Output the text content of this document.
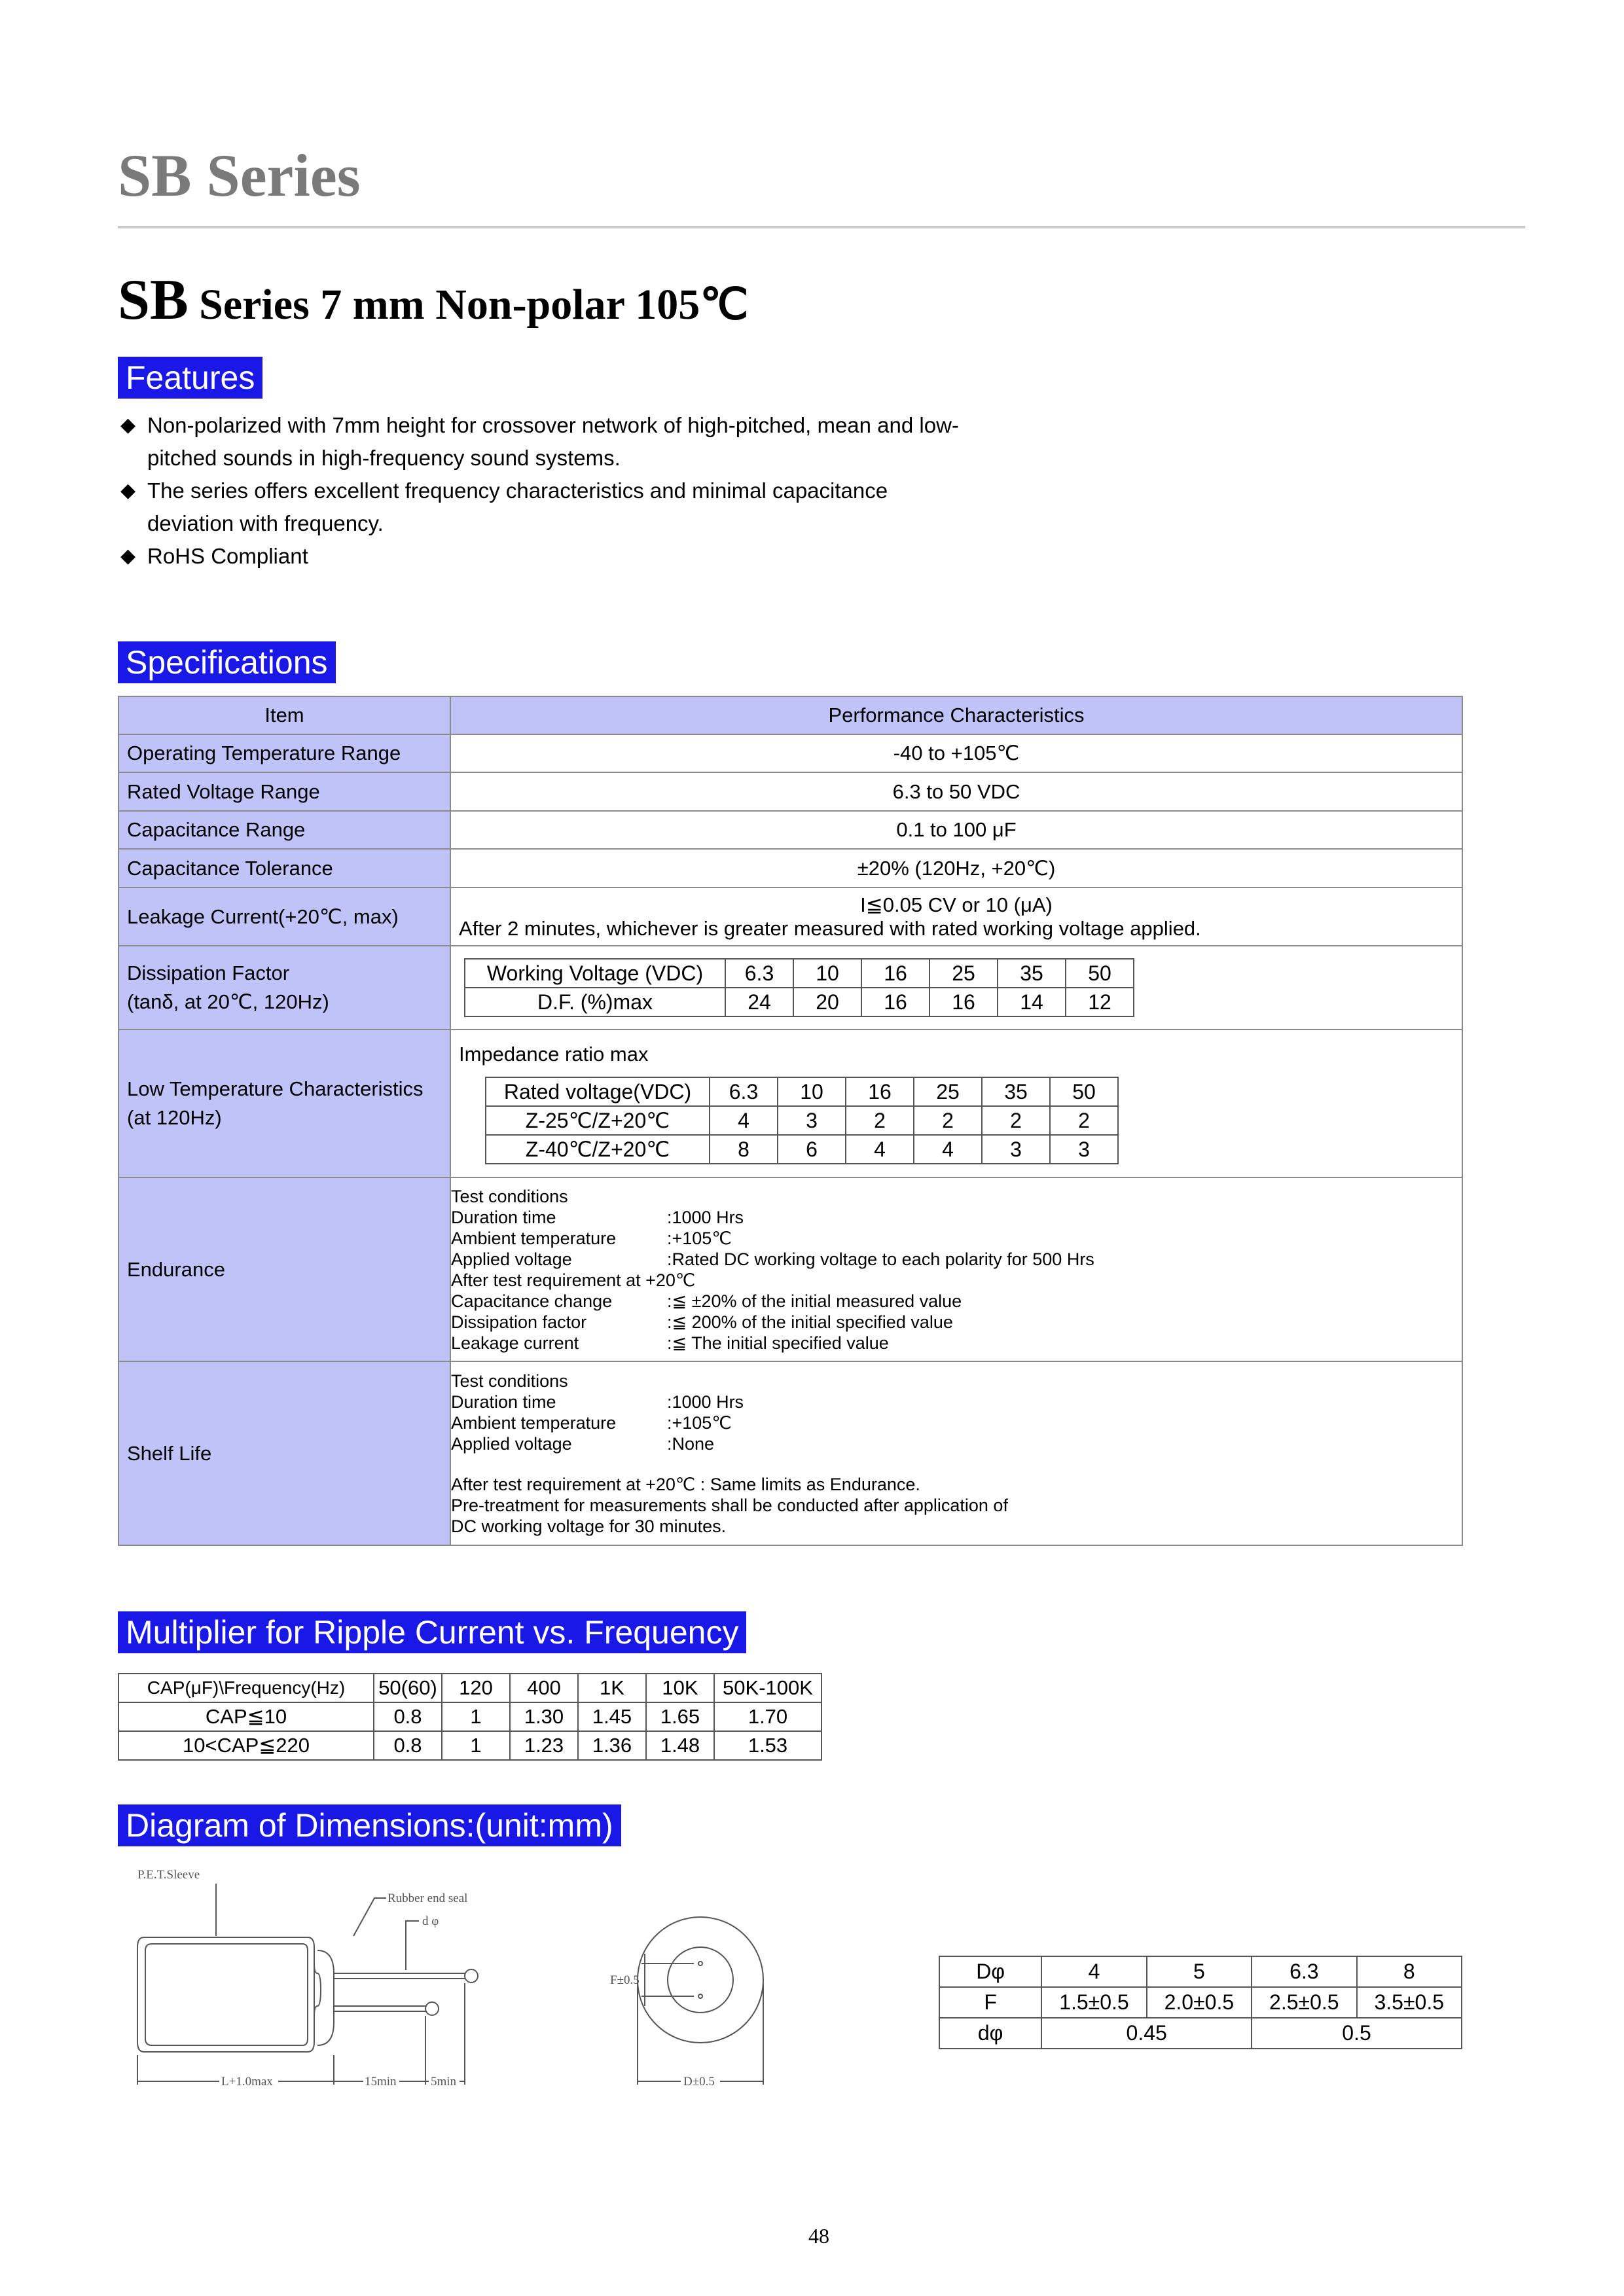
SB Series
SB Series 7 mm Non-polar 105℃
Features
◆ Non-polarized with 7mm height for crossover network of high-pitched, mean and low-pitched sounds in high-frequency sound systems.
◆ The series offers excellent frequency characteristics and minimal capacitance deviation with frequency.
◆ RoHS Compliant
Specifications
Item	Performance Characteristics
Operating Temperature Range	-40 to +105℃
Rated Voltage Range	6.3 to 50 VDC
Capacitance Range	0.1 to 100 μF
Capacitance Tolerance	±20% (120Hz, +20℃)
Leakage Current(+20℃, max)	
I≦0.05 CV or 10 (μA)
After 2 minutes, whichever is greater measured with rated working voltage applied.

Dissipation Factor
(tanδ, at 20℃, 120Hz)

Working Voltage (VDC)	6.3	10	16	25	35	50
D.F. (%)max	24	20	16	16	14	12

Low Temperature Characteristics
(at 120Hz)

Impedance ratio max
Rated voltage(VDC)	6.3	10	16	25	35	50
Z-25℃/Z+20℃	4	3	2	2	2	2
Z-40℃/Z+20℃	8	6	4	4	3	3

Endurance	
Test conditions
Duration time	:1000 Hrs
Ambient temperature	:+105℃
Applied voltage	:Rated DC working voltage to each polarity for 500 Hrs
After test requirement at +20℃
Capacitance change	:≦ ±20% of the initial measured value
Dissipation factor	:≦ 200% of the initial specified value
Leakage current	:≦ The initial specified value

Shelf Life	
Test conditions
Duration time	:1000 Hrs
Ambient temperature	:+105℃
Applied voltage	:None
After test requirement at +20℃ : Same limits as Endurance.
Pre-treatment for measurements shall be conducted after application of
DC working voltage for 30 minutes.
Multiplier for Ripple Current vs. Frequency
CAP(μF)\Frequency(Hz)	50(60)	120	400	1K	10K	50K-100K
CAP≦10	0.8	1	1.30	1.45	1.65	1.70
10<CAP≦220	0.8	1	1.23	1.36	1.48	1.53
Diagram of Dimensions:(unit:mm)
P.E.T.Sleeve
Rubber end seal
d φ
L+1.0max	15min	5min
F±0.5
D±0.5
Dφ	4	5	6.3	8
F	1.5±0.5	2.0±0.5	2.5±0.5	3.5±0.5
dφ	0.45		0.5	
48
